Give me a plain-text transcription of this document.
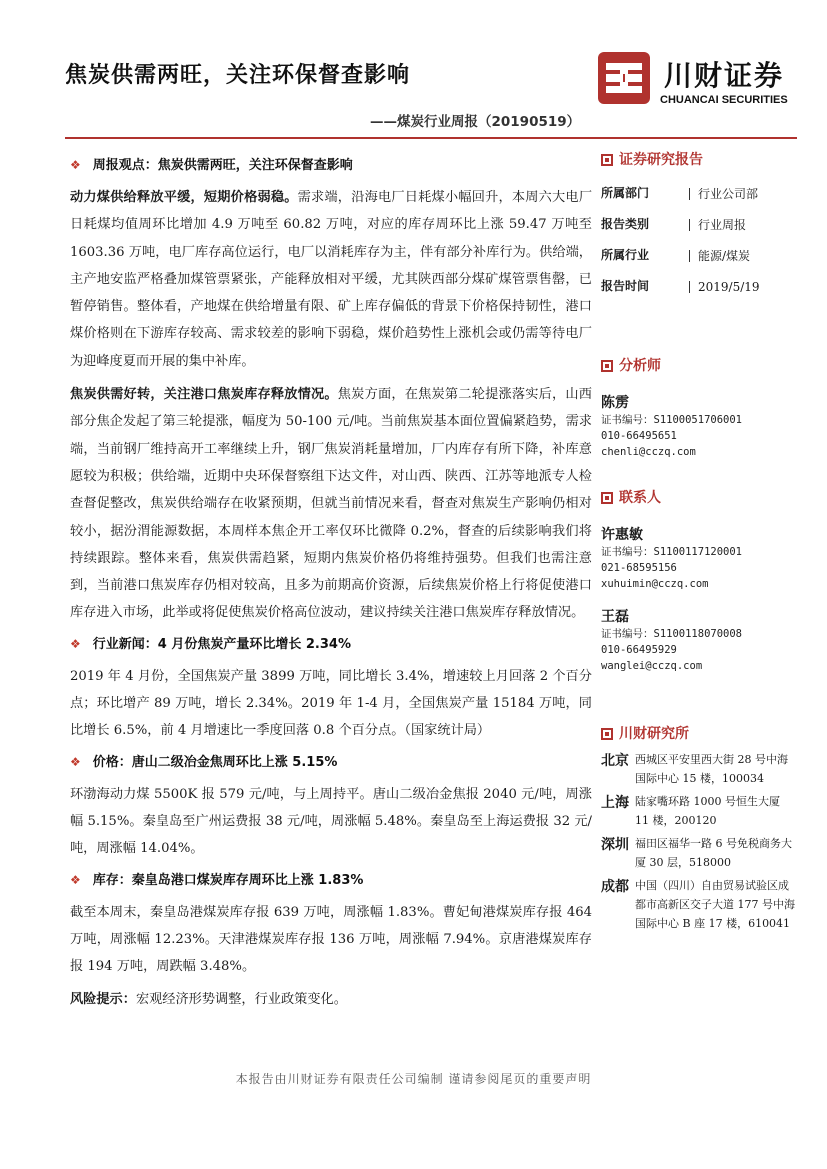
焦炭供需两旺，关注环保督查影响
——煤炭行业周报（20190519）
川财证券
CHUANCAI SECURITIES
❖ 周报观点：焦炭供需两旺，关注环保督查影响

动力煤供给释放平缓，短期价格弱稳。需求端，沿海电厂日耗煤小幅回升，本周六大电厂日耗煤均值周环比增加 4.9 万吨至 60.82 万吨，对应的库存周环比上涨 59.47 万吨至 1603.36 万吨，电厂库存高位运行，电厂以消耗库存为主，伴有部分补库行为。供给端，主产地安监严格叠加煤管票紧张，产能释放相对平缓，尤其陕西部分煤矿煤管票售罄，已暂停销售。整体看，产地煤在供给增量有限、矿上库存偏低的背景下价格保持韧性，港口煤价格则在下游库存较高、需求较差的影响下弱稳，煤价趋势性上涨机会或仍需等待电厂为迎峰度夏而开展的集中补库。

焦炭供需好转，关注港口焦炭库存释放情况。焦炭方面，在焦炭第二轮提涨落实后，山西部分焦企发起了第三轮提涨，幅度为 50-100 元/吨。当前焦炭基本面位置偏紧趋势，需求端，当前钢厂维持高开工率继续上升，钢厂焦炭消耗量增加，厂内库存有所下降，补库意愿较为积极；供给端，近期中央环保督察组下达文件，对山西、陕西、江苏等地派专人检查督促整改，焦炭供给端存在收紧预期，但就当前情况来看，督查对焦炭生产影响仍相对较小，据汾渭能源数据，本周样本焦企开工率仅环比微降 0.2%，督查的后续影响我们将持续跟踪。整体来看，焦炭供需趋紧，短期内焦炭价格仍将维持强势。但我们也需注意到，当前港口焦炭库存仍相对较高，且多为前期高价资源，后续焦炭价格上行将促使港口库存进入市场，此举或将促使焦炭价格高位波动，建议持续关注港口焦炭库存释放情况。

❖ 行业新闻：4 月份焦炭产量环比增长 2.34%

2019 年 4 月份，全国焦炭产量 3899 万吨，同比增长 3.4%，增速较上月回落 2 个百分点；环比增产 89 万吨，增长 2.34%。2019 年 1-4 月，全国焦炭产量 15184 万吨，同比增长 6.5%，前 4 月增速比一季度回落 0.8 个百分点。（国家统计局）

❖ 价格：唐山二级冶金焦周环比上涨 5.15%

环渤海动力煤 5500K 报 579 元/吨，与上周持平。唐山二级冶金焦报 2040 元/吨，周涨幅 5.15%。秦皇岛至广州运费报 38 元/吨，周涨幅 5.48%。秦皇岛至上海运费报 32 元/吨，周涨幅 14.04%。

❖ 库存：秦皇岛港口煤炭库存周环比上涨 1.83%

截至本周末，秦皇岛港煤炭库存报 639 万吨，周涨幅 1.83%。曹妃甸港煤炭库存报 464 万吨，周涨幅 12.23%。天津港煤炭库存报 136 万吨，周涨幅 7.94%。京唐港煤炭库存报 194 万吨，周跌幅 3.48%。

风险提示：宏观经济形势调整，行业政策变化。

证券研究报告
所属部门	行业公司部
报告类别	行业周报
所属行业	能源/煤炭
报告时间	2019/5/19
分析师
陈雳
证书编号：S1100051706001
010-66495651
chenli@cczq.com
联系人
许惠敏
证书编号：S1100117120001
021-68595156
xuhuimin@cczq.com
王磊
证书编号：S1100118070008
010-66495929
wanglei@cczq.com
川财研究所
北京 西城区平安里西大街 28 号中海国际中心 15 楼，100034
上海 陆家嘴环路 1000 号恒生大厦 11 楼，200120
深圳 福田区福华一路 6 号免税商务大厦 30 层，518000
成都 中国（四川）自由贸易试验区成都市高新区交子大道 177 号中海国际中心 B 座 17 楼，610041
本报告由川财证券有限责任公司编制 谨请参阅尾页的重要声明
